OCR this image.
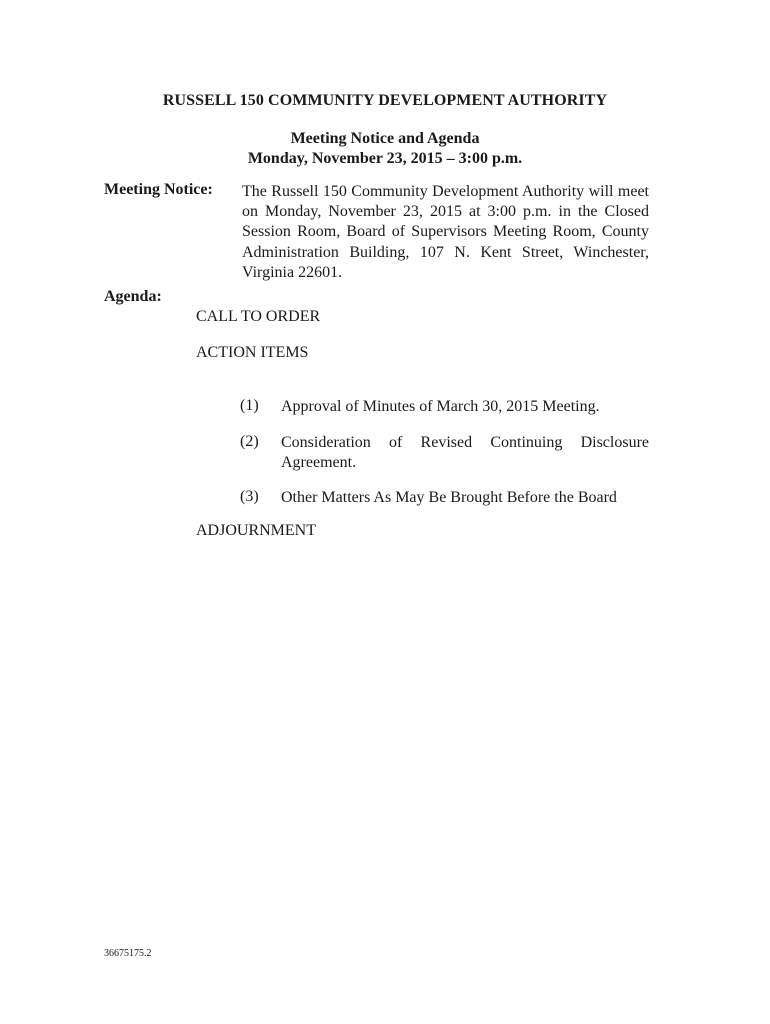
RUSSELL 150 COMMUNITY DEVELOPMENT AUTHORITY
Meeting Notice and Agenda
Monday, November 23, 2015 – 3:00 p.m.
Meeting Notice: The Russell 150 Community Development Authority will meet on Monday, November 23, 2015 at 3:00 p.m. in the Closed Session Room, Board of Supervisors Meeting Room, County Administration Building, 107 N. Kent Street, Winchester, Virginia 22601.
Agenda:
CALL TO ORDER
ACTION ITEMS
(1) Approval of Minutes of March 30, 2015 Meeting.
(2) Consideration of Revised Continuing Disclosure Agreement.
(3) Other Matters As May Be Brought Before the Board
ADJOURNMENT
36675175.2
